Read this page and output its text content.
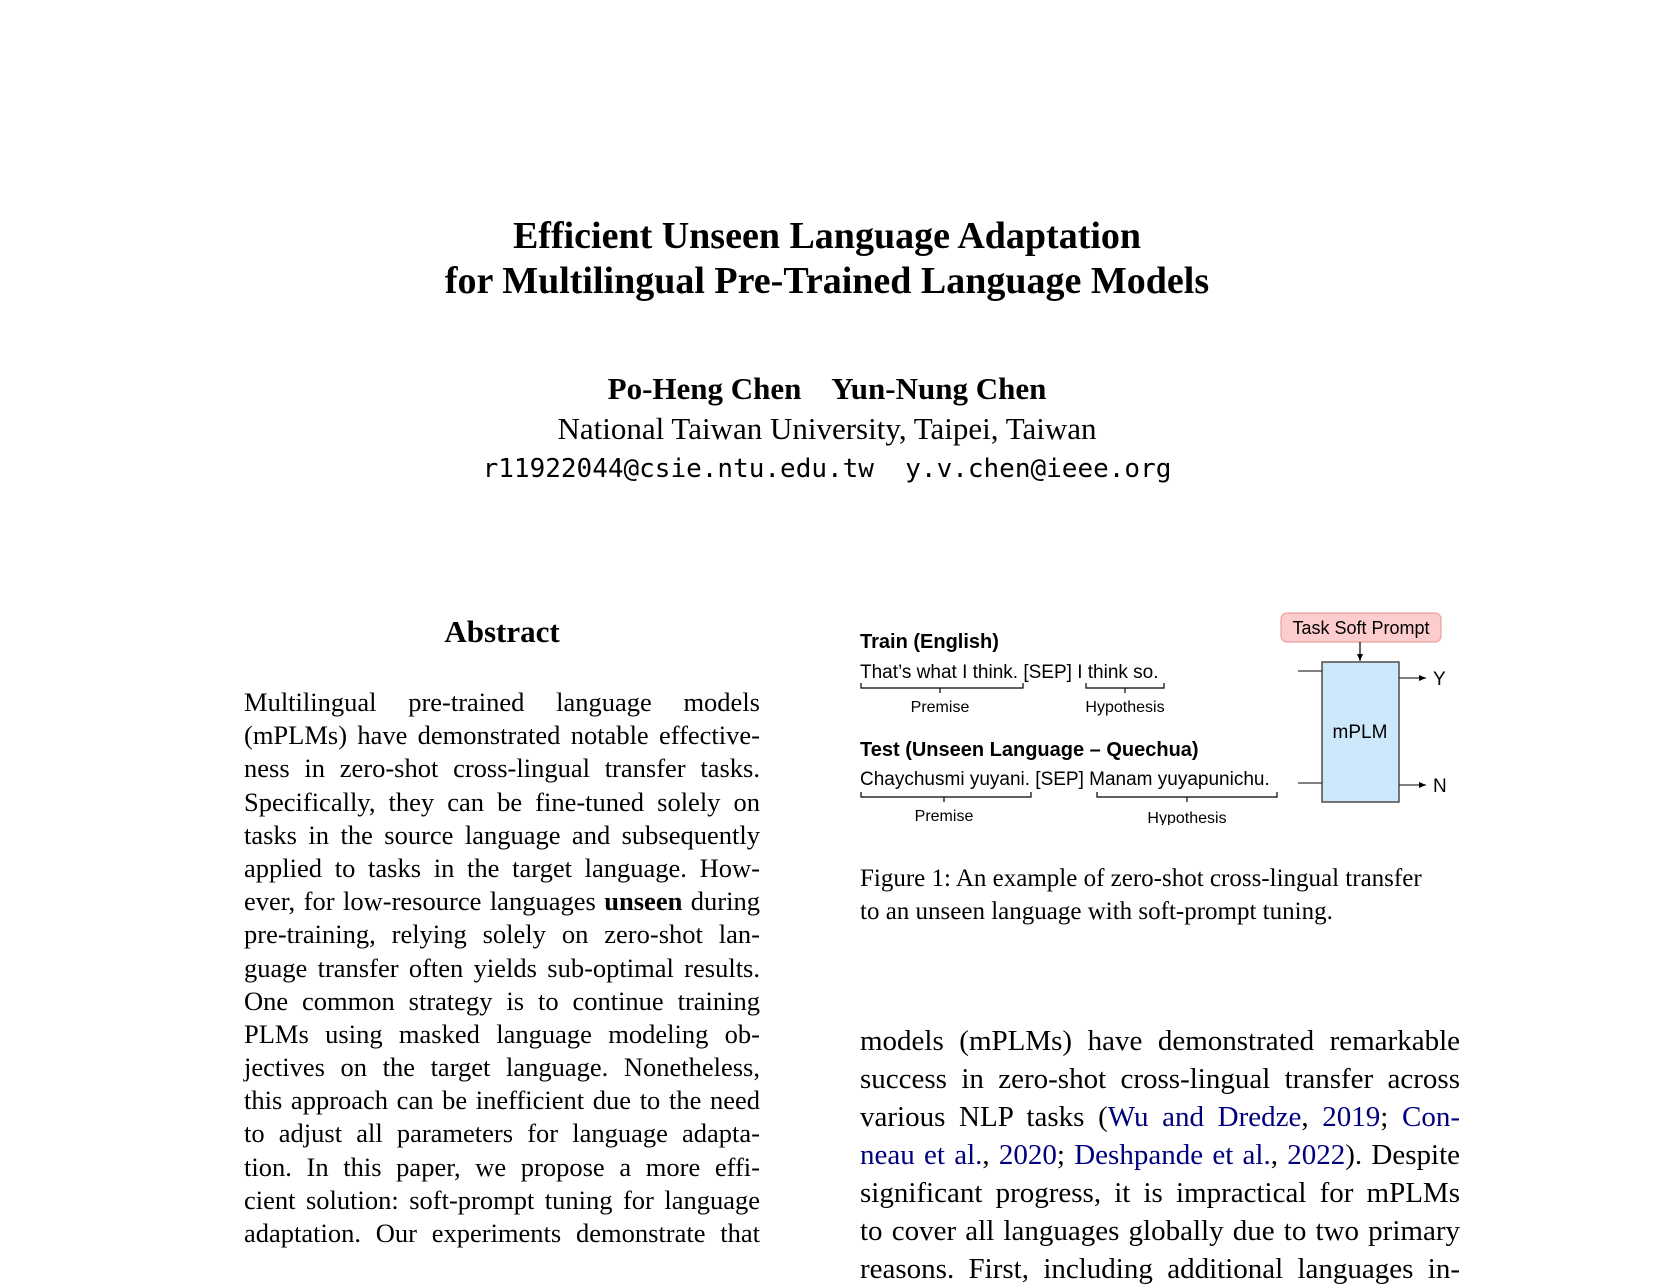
Efficient Unseen Language Adaptation
for Multilingual Pre-Trained Language Models
Po-Heng Chen    Yun-Nung Chen
National Taiwan University, Taipei, Taiwan
r11922044@csie.ntu.edu.tw  y.v.chen@ieee.org
Abstract
Multilingual pre-trained language models
(mPLMs) have demonstrated notable effective-
ness in zero-shot cross-lingual transfer tasks.
Specifically, they can be fine-tuned solely on
tasks in the source language and subsequently
applied to tasks in the target language. How-
ever, for low-resource languages unseen during
pre-training, relying solely on zero-shot lan-
guage transfer often yields sub-optimal results.
One common strategy is to continue training
PLMs using masked language modeling ob-
jectives on the target language. Nonetheless,
this approach can be inefficient due to the need
to adjust all parameters for language adapta-
tion. In this paper, we propose a more effi-
cient solution: soft-prompt tuning for language
adaptation. Our experiments demonstrate that
Train (English)
That’s what I think. [SEP] I think so.
Premise	Hypothesis
Test (Unseen Language – Quechua)
Chaychusmi yuyani. [SEP] Manam yuyapunichu.
Premise	Hypothesis
Task Soft Prompt
mPLM
Y
N
Figure 1: An example of zero-shot cross-lingual transfer
to an unseen language with soft-prompt tuning.
models (mPLMs) have demonstrated remarkable
success in zero-shot cross-lingual transfer across
various NLP tasks (Wu and Dredze, 2019; Con-
neau et al., 2020; Deshpande et al., 2022). Despite
significant progress, it is impractical for mPLMs
to cover all languages globally due to two primary
reasons. First, including additional languages in-
